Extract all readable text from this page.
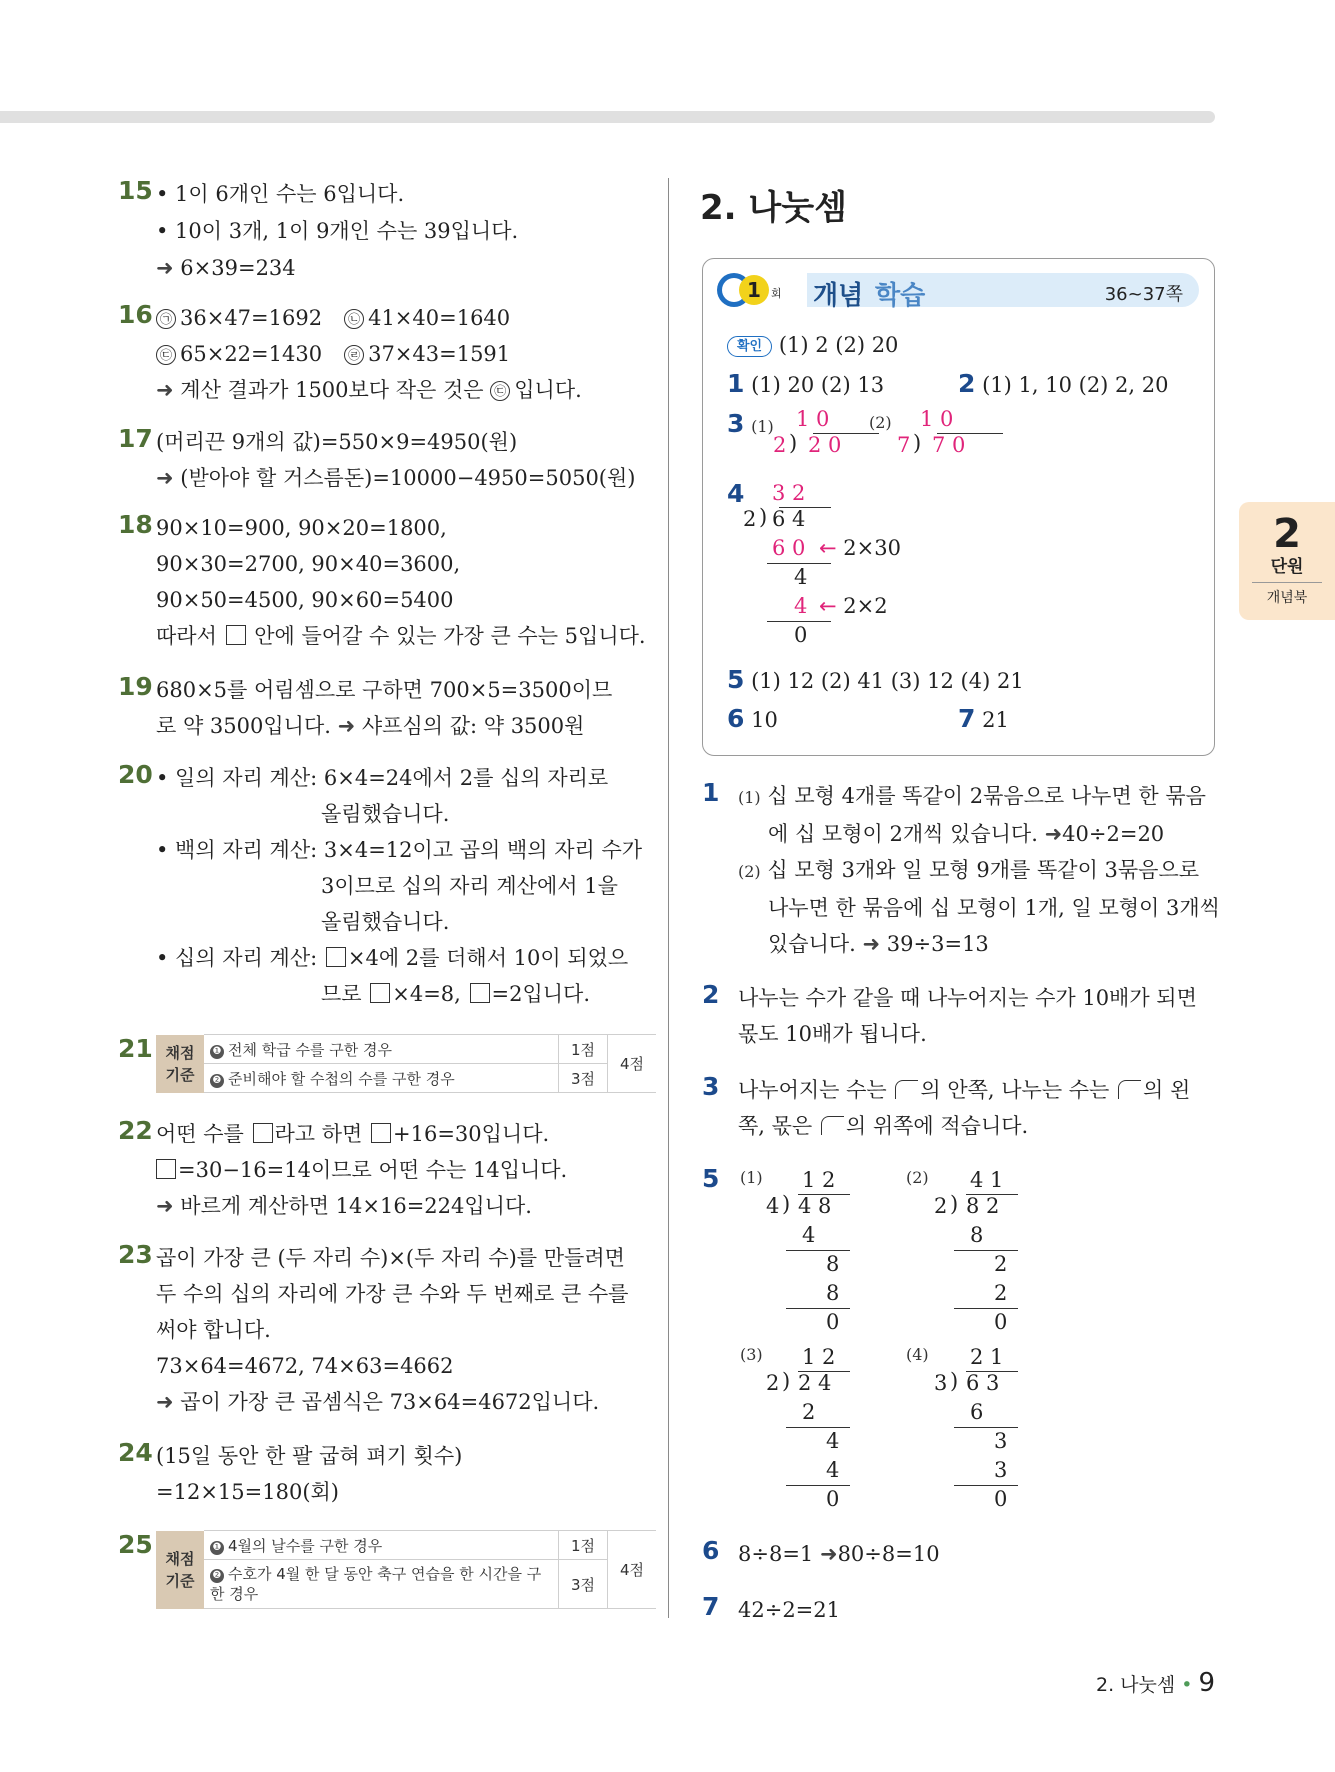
15 • 1이 6개인 수는 6입니다.
• 10이 3개, 1이 9개인 수는 39입니다.
➜ 6×39=234
16 ㉠ 36×47=1692 ㉡ 41×40=1640
㉢ 65×22=1430 ㉣ 37×43=1591
➜ 계산 결과가 1500보다 작은 것은 ㉢ 입니다.
17 (머리끈 9개의 값)=550×9=4950(원)
➜ (받아야 할 거스름돈)=10000−4950=5050(원)
18 90×10=900, 90×20=1800,
90×30=2700, 90×40=3600,
90×50=4500, 90×60=5400
따라서  안에 들어갈 수 있는 가장 큰 수는 5입니다.
19 680×5를 어림셈으로 구하면 700×5=3500이므
로 약 3500입니다. ➜ 샤프심의 값: 약 3500원
20 • 일의 자리 계산: 6×4=24에서 2를 십의 자리로
올림했습니다.
• 백의 자리 계산: 3×4=12이고 곱의 백의 자리 수가
3이므로 십의 자리 계산에서 1을
올림했습니다.
• 십의 자리 계산: ×4에 2를 더해서 10이 되었으
므로 ×4=8, =2입니다.
21 채점 기준	❶ 전체 학급 수를 구한 경우	1점	4점
	❷ 준비해야 할 수첩의 수를 구한 경우	3점	
22 어떤 수를 라고 하면 +16=30입니다.
=30−16=14이므로 어떤 수는 14입니다.
➜ 바르게 계산하면 14×16=224입니다.
23 곱이 가장 큰 (두 자리 수)×(두 자리 수)를 만들려면
두 수의 십의 자리에 가장 큰 수와 두 번째로 큰 수를
써야 합니다.
73×64=4672, 74×63=4662
➜ 곱이 가장 큰 곱셈식은 73×64=4672입니다.
24 (15일 동안 한 팔 굽혀 펴기 횟수)
=12×15=180(회)
25 채점 기준	❶ 4월의 날수를 구한 경우	1점	4점
	❷ 수호가 4월 한 달 동안 축구 연습을 한 시간을 구한 경우	3점	
2. 나눗셈
1 회 개념 학습	36~37쪽
확인 (1) 2 (2) 20
1 (1) 20 (2) 13	2 (1) 1, 10 (2) 2, 20
3 (1)	(2)
1 0
2 ) 2 0
1 0
7 ) 7 0
4 3 2
2 ) 6 4
6 0 ← 2×30
4
4 ← 2×2
0
5 (1) 12 (2) 41 (3) 12 (4) 21
6 10	7 21
1	(1) 십 모형 4개를 똑같이 2묶음으로 나누면 한 묶음
에 십 모형이 2개씩 있습니다. ➜40÷2=20
(2) 십 모형 3개와 일 모형 9개를 똑같이 3묶음으로
나누면 한 묶음에 십 모형이 1개, 일 모형이 3개씩
있습니다. ➜ 39÷3=13
2 나누는 수가 같을 때 나누어지는 수가 10배가 되면
몫도 10배가 됩니다.
3 나누어지는 수는 의 안쪽, 나누는 수는 의 왼
쪽, 몫은 의 위쪽에 적습니다.
5	(1) 1 2
4 ) 4 8
4
8
8
0
(2) 4 1
2 ) 8 2
8
2
2
0
(3) 1 2
2 ) 2 4
2
4
4
0
(4) 2 1
3 ) 6 3
6
3
3
0
6 8÷8=1 ➜80÷8=10
7 42÷2=21
2
단원
개념북
2. 나눗셈 • 9
